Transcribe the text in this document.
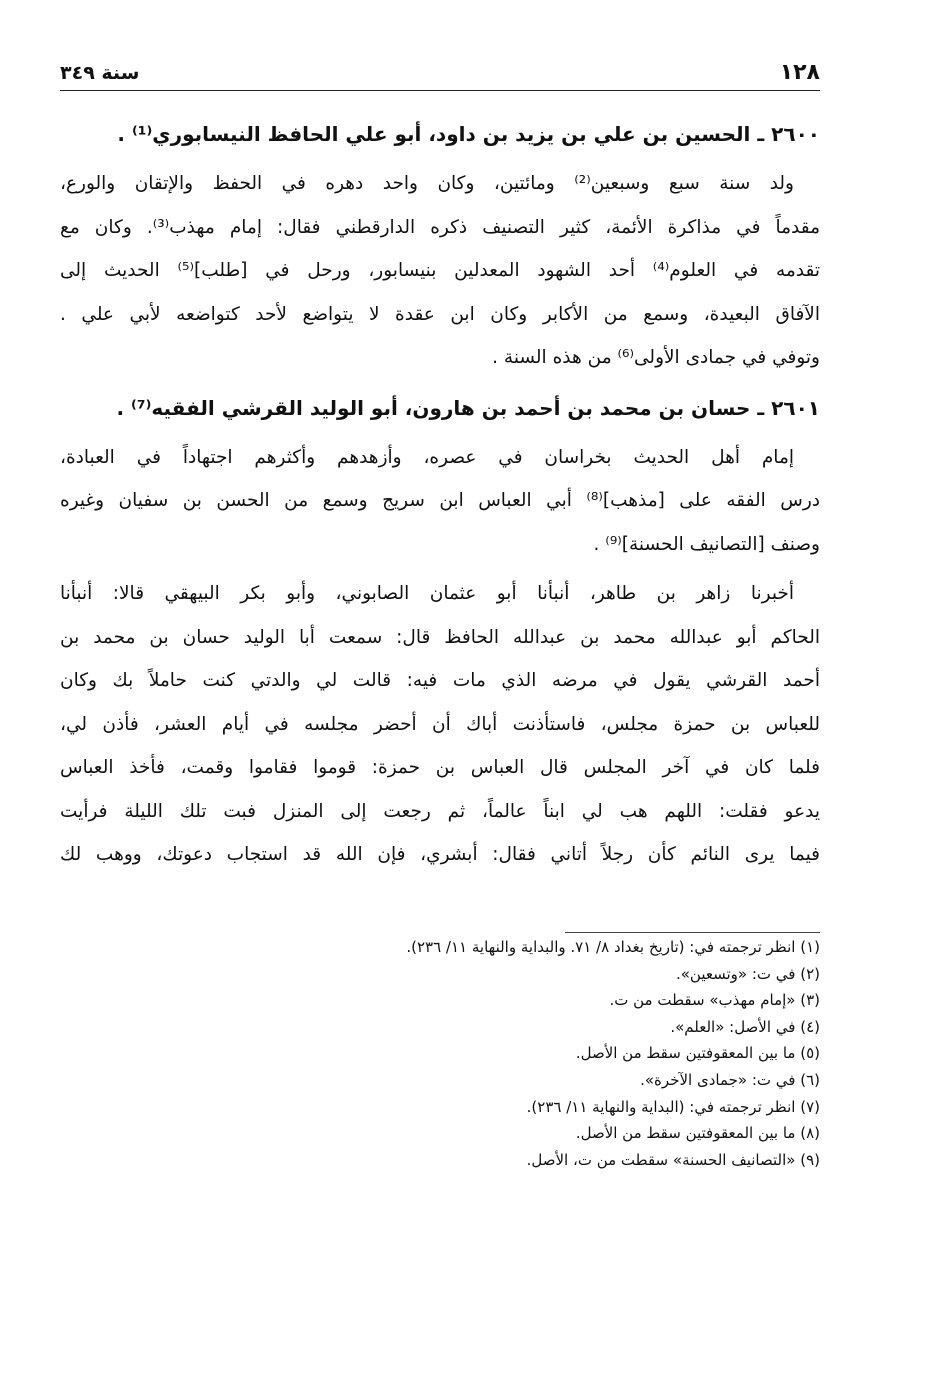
١٢٨
سنة ٣٤٩
٢٦٠٠ ـ الحسين بن علي بن يزيد بن داود، أبو علي الحافظ النيسابوري⁽¹⁾ .
ولد سنة سبع وسبعين⁽²⁾ ومائتين، وكان واحد دهره في الحفظ والإتقان والورع،
مقدماً في مذاكرة الأئمة، كثير التصنيف ذكره الدارقطني فقال: إمام مهذب⁽³⁾. وكان مع
تقدمه في العلوم⁽⁴⁾ أحد الشهود المعدلين بنيسابور، ورحل في [طلب]⁽⁵⁾ الحديث إلى
الآفاق البعيدة، وسمع من الأكابر وكان ابن عقدة لا يتواضع لأحد كتواضعه لأبي علي .
وتوفي في جمادى الأولى⁽⁶⁾ من هذه السنة .
٢٦٠١ ـ حسان بن محمد بن أحمد بن هارون، أبو الوليد القرشي الفقيه⁽⁷⁾ .
إمام أهل الحديث بخراسان في عصره، وأزهدهم وأكثرهم اجتهاداً في العبادة،
درس الفقه على [مذهب]⁽⁸⁾ أبي العباس ابن سريج وسمع من الحسن بن سفيان وغيره
وصنف [التصانيف الحسنة]⁽⁹⁾ .
أخبرنا زاهر بن طاهر، أنبأنا أبو عثمان الصابوني، وأبو بكر البيهقي قالا: أنبأنا
الحاكم أبو عبدالله محمد بن عبدالله الحافظ قال: سمعت أبا الوليد حسان بن محمد بن
أحمد القرشي يقول في مرضه الذي مات فيه: قالت لي والدتي كنت حاملاً بك وكان
للعباس بن حمزة مجلس، فاستأذنت أباك أن أحضر مجلسه في أيام العشر، فأذن لي،
فلما كان في آخر المجلس قال العباس بن حمزة: قوموا فقاموا وقمت، فأخذ العباس
يدعو فقلت: اللهم هب لي ابناً عالماً، ثم رجعت إلى المنزل فبت تلك الليلة فرأيت
فيما يرى النائم كأن رجلاً أتاني فقال: أبشري، فإن الله قد استجاب دعوتك، ووهب لك
(١) انظر ترجمته في: (تاريخ بغداد ٨/ ٧١. والبداية والنهاية ١١/ ٢٣٦).
(٢) في ت: «وتسعين».
(٣) «إمام مهذب» سقطت من ت.
(٤) في الأصل: «العلم».
(٥) ما بين المعقوفتين سقط من الأصل.
(٦) في ت: «جمادى الآخرة».
(٧) انظر ترجمته في: (البداية والنهاية ١١/ ٢٣٦).
(٨) ما بين المعقوفتين سقط من الأصل.
(٩) «التصانيف الحسنة» سقطت من ت، الأصل.
